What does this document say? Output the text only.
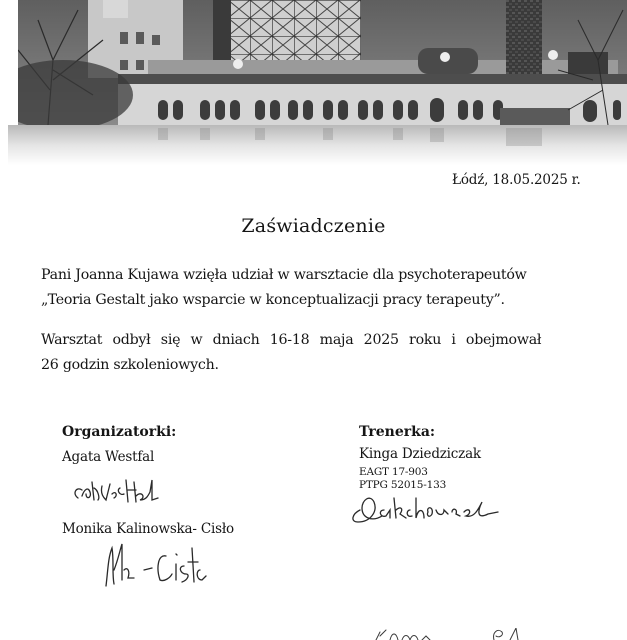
Łódź, 18.05.2025 r.
Zaświadczenie
Pani Joanna Kujawa wzięła udział w warsztacie dla psychoterapeutów
„Teoria Gestalt jako wsparcie w konceptualizacji pracy terapeuty”.
Warsztat odbył się w dniach 16-18 maja 2025 roku i obejmował
26 godzin szkoleniowych.
Organizatorki:
Agata Westfal
Monika Kalinowska- Cisło
Trenerka:
Kinga Dziedziczak
EAGT 17-903
PTPG 52015-133
